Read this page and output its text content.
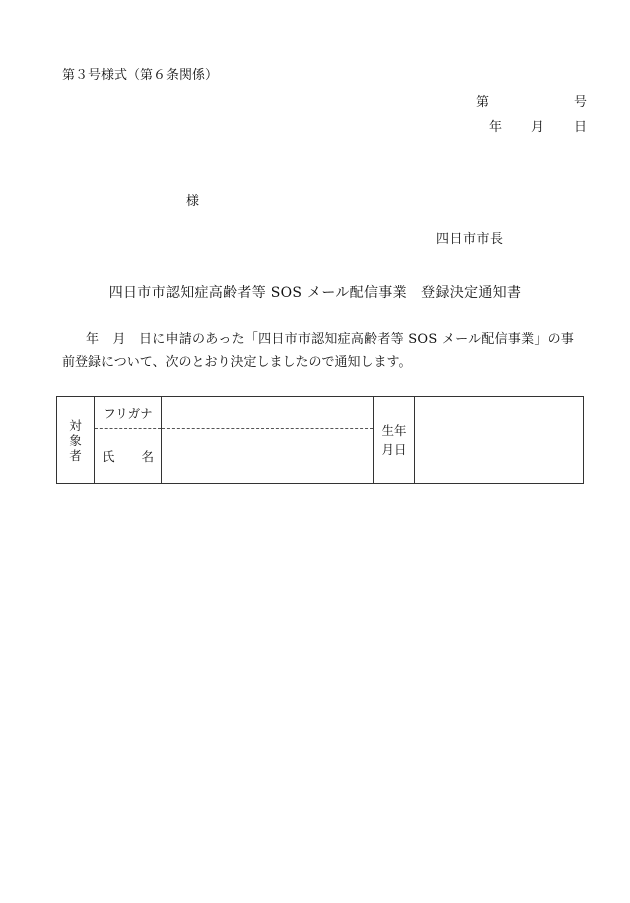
第３号様式（第６条関係）
第	号
年 月 日
様
四日市市長
四日市市認知症高齢者等 SOS メール配信事業　登録決定通知書
年　月　日に申請のあった「四日市市認知症高齢者等 SOS メール配信事業」の事
前登録について、次のとおり決定しましたので通知します。
対象者	フリガナ		生年月日	

	氏 名			
